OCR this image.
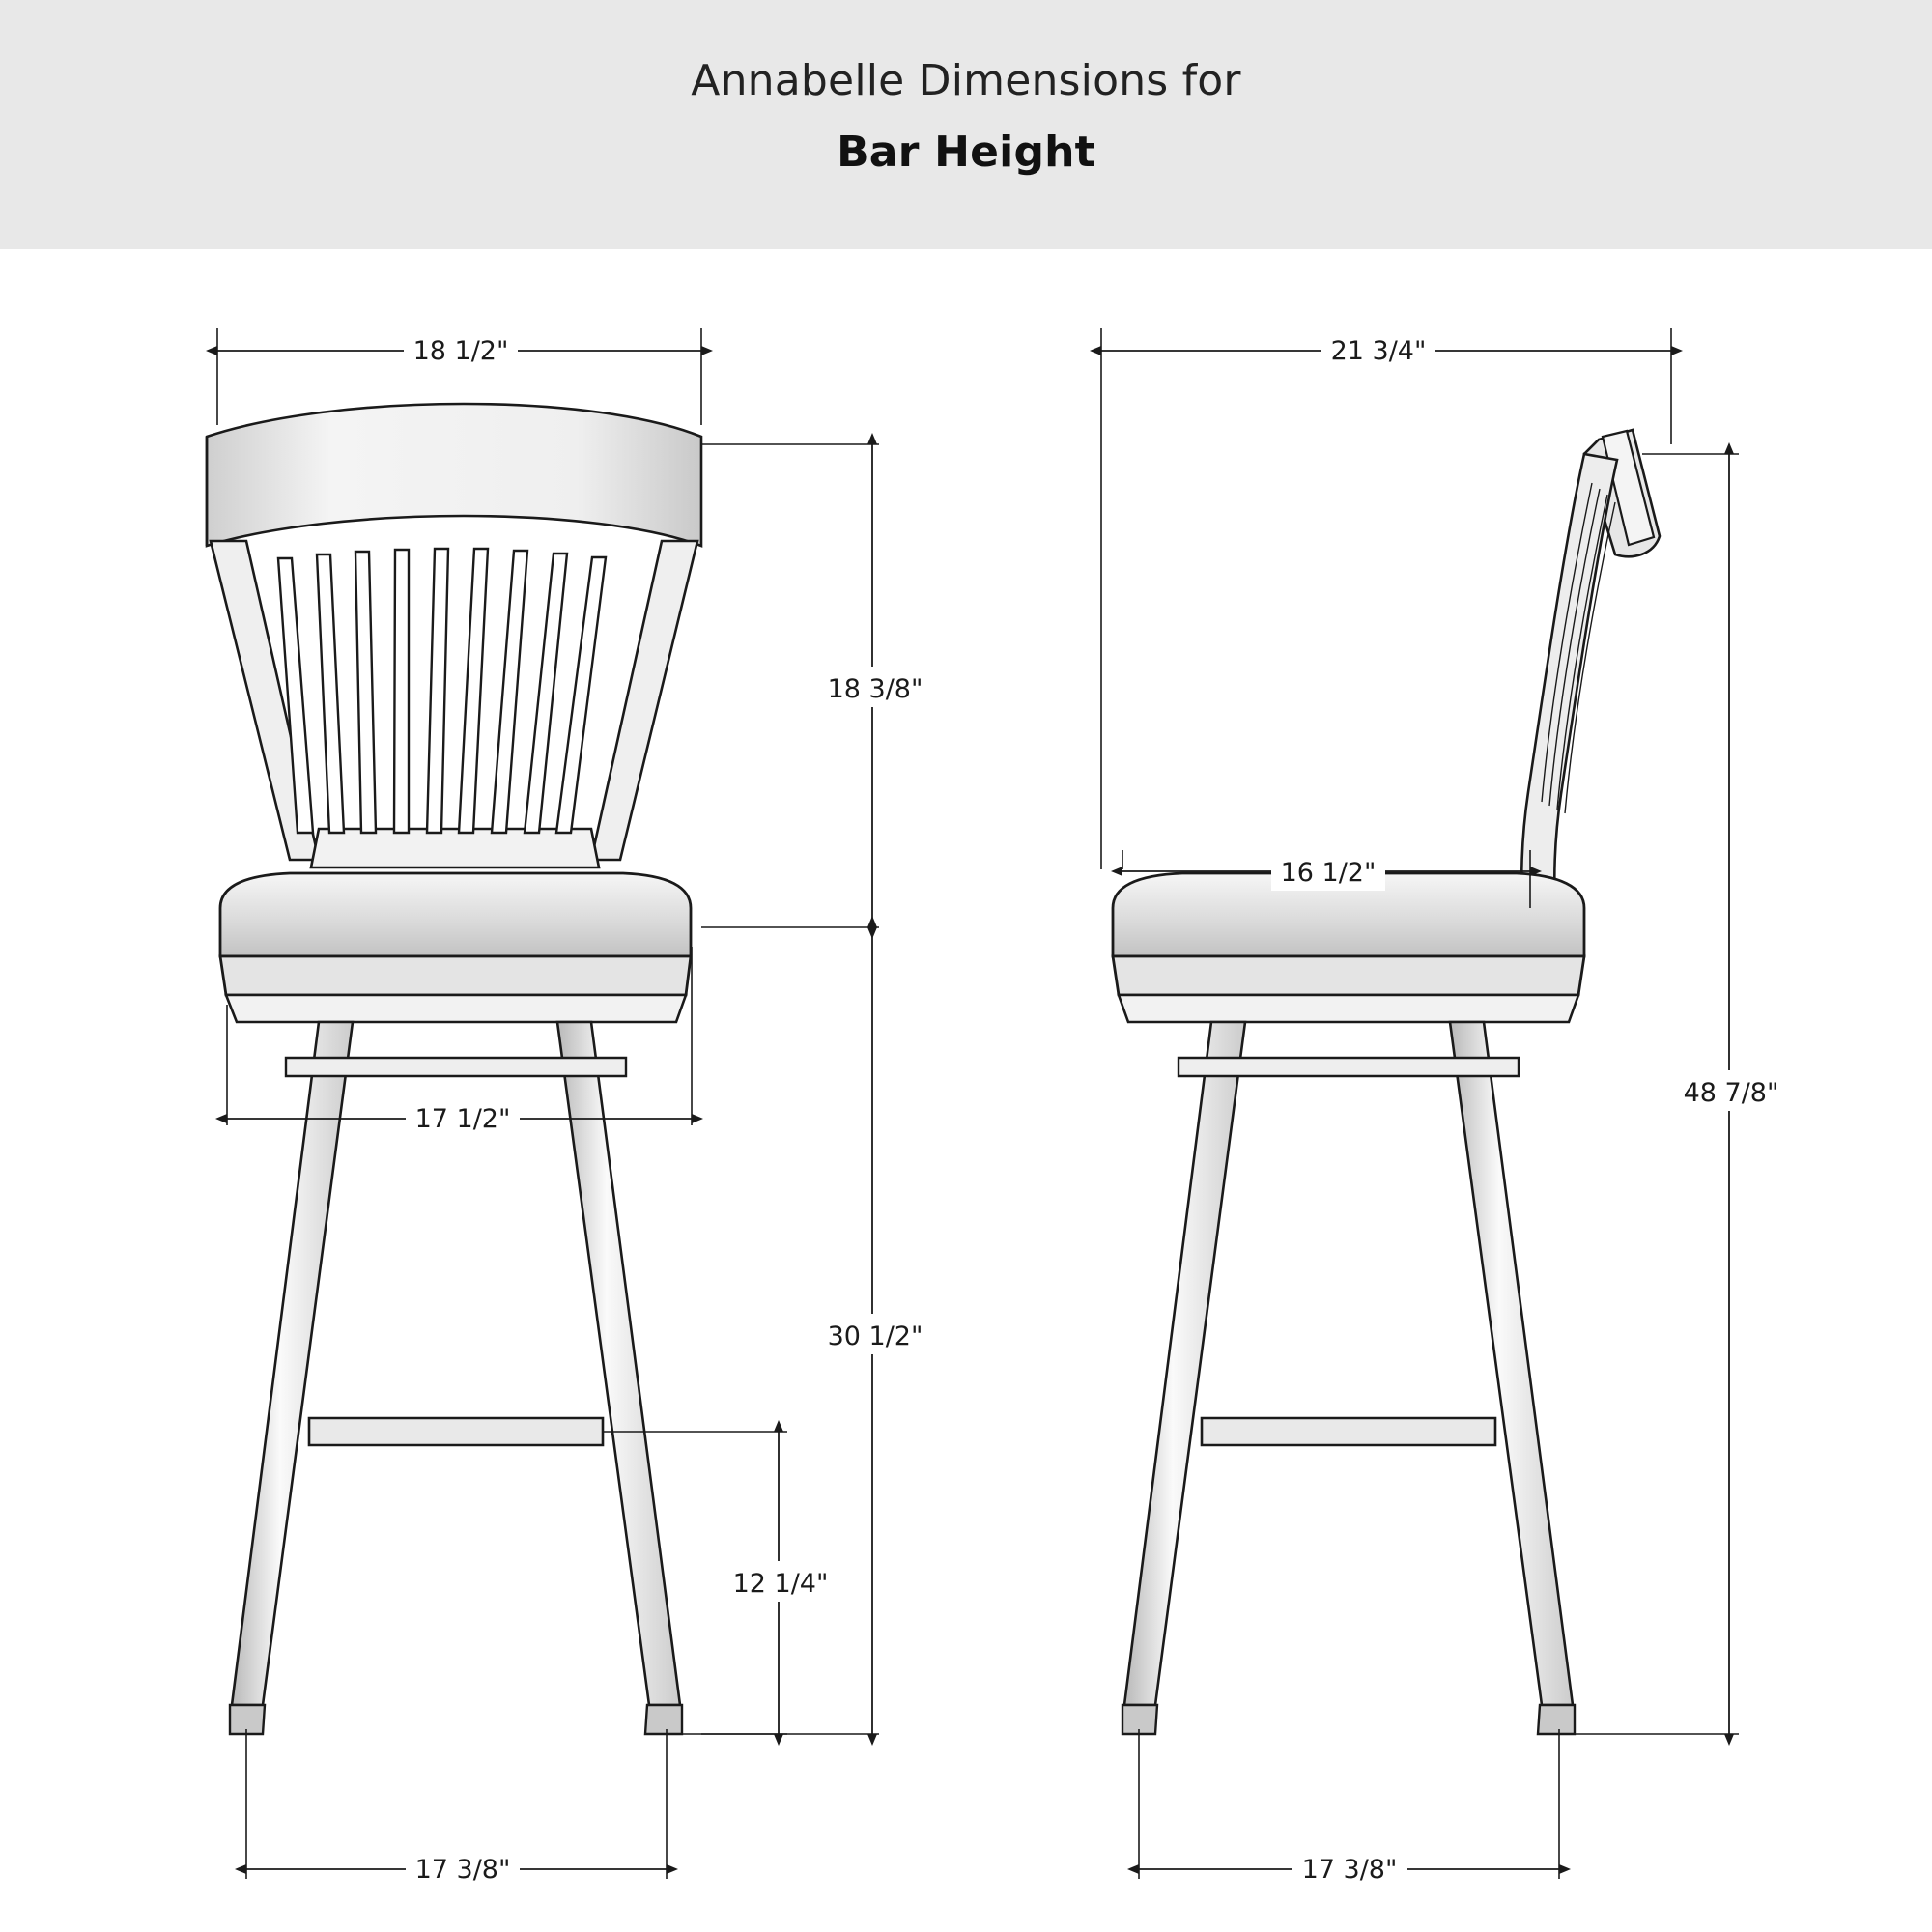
Annabelle Dimensions for
Bar Height
18 1/2"
17 1/2"
17 3/8"
18 3/8"
30 1/2"
12 1/4"
21 3/4"
16 1/2"
17 3/8"
48 7/8"
